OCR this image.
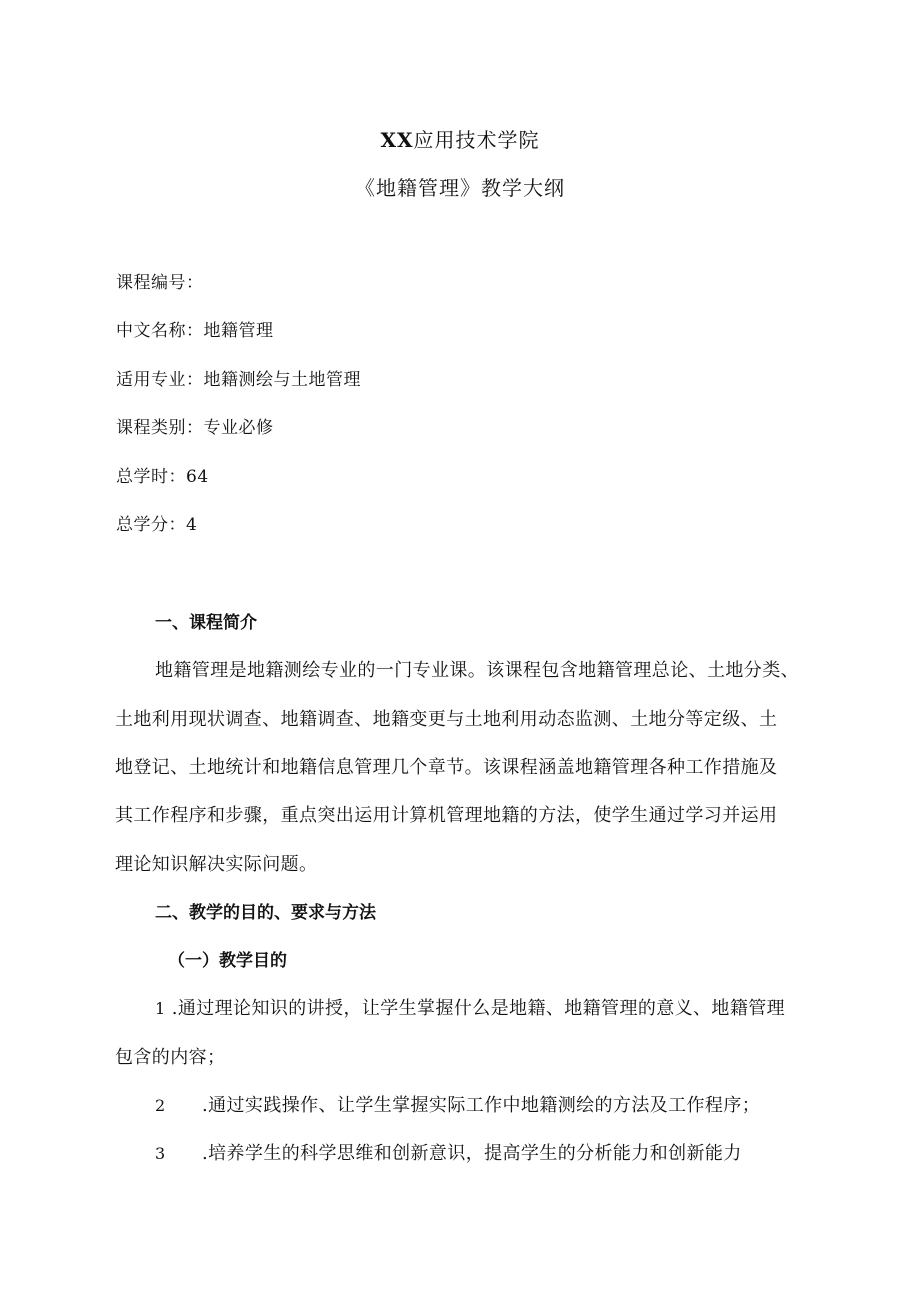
XX应用技术学院
《地籍管理》教学大纲
课程编号：
中文名称：地籍管理
适用专业：地籍测绘与土地管理
课程类别：专业必修
总学时：64
总学分：4
一、课程简介
地籍管理是地籍测绘专业的一门专业课。该课程包含地籍管理总论、土地分类、
土地利用现状调查、地籍调查、地籍变更与土地利用动态监测、土地分等定级、土
地登记、土地统计和地籍信息管理几个章节。该课程涵盖地籍管理各种工作措施及
其工作程序和步骤，重点突出运用计算机管理地籍的方法，使学生通过学习并运用
理论知识解决实际问题。
二、教学的目的、要求与方法
（一）教学目的
1 .通过理论知识的讲授，让学生掌握什么是地籍、地籍管理的意义、地籍管理
包含的内容；
2 .通过实践操作、让学生掌握实际工作中地籍测绘的方法及工作程序；
3 .培养学生的科学思维和创新意识，提高学生的分析能力和创新能力
